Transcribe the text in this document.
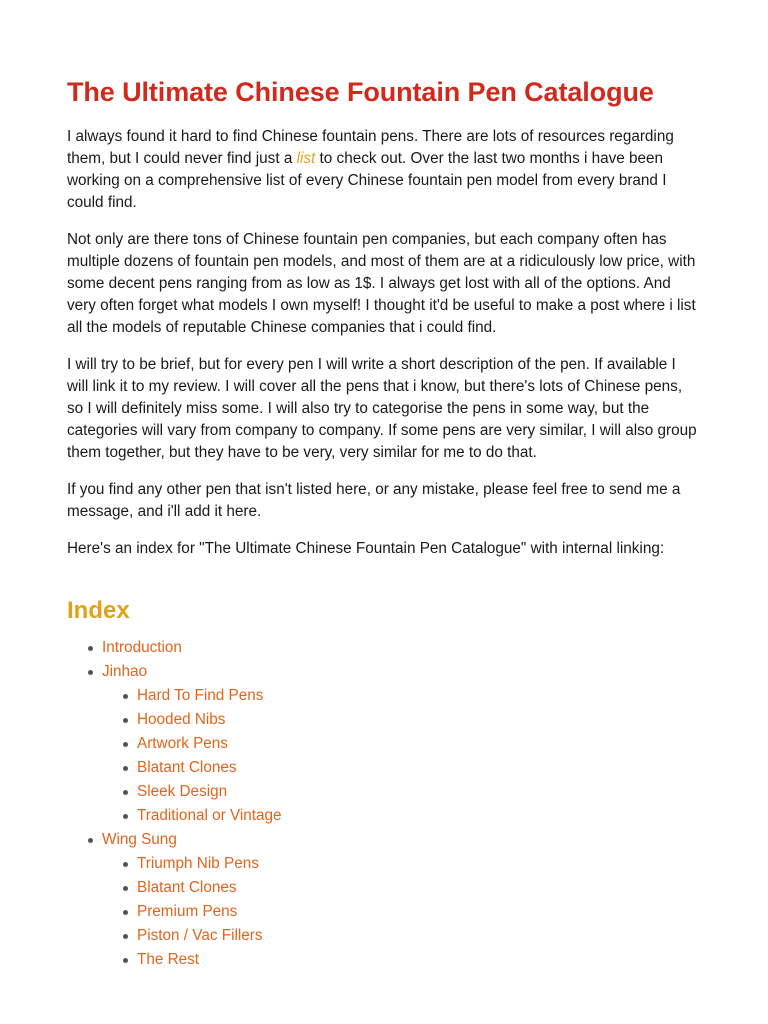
The Ultimate Chinese Fountain Pen Catalogue

I always found it hard to find Chinese fountain pens. There are lots of resources regarding them, but I could never find just a list to check out. Over the last two months i have been working on a comprehensive list of every Chinese fountain pen model from every brand I could find.

Not only are there tons of Chinese fountain pen companies, but each company often has multiple dozens of fountain pen models, and most of them are at a ridiculously low price, with some decent pens ranging from as low as 1$. I always get lost with all of the options. And very often forget what models I own myself! I thought it'd be useful to make a post where i list all the models of reputable Chinese companies that i could find.

I will try to be brief, but for every pen I will write a short description of the pen. If available I will link it to my review. I will cover all the pens that i know, but there's lots of Chinese pens, so I will definitely miss some. I will also try to categorise the pens in some way, but the categories will vary from company to company. If some pens are very similar, I will also group them together, but they have to be very, very similar for me to do that.

If you find any other pen that isn't listed here, or any mistake, please feel free to send me a message, and i'll add it here.

Here's an index for "The Ultimate Chinese Fountain Pen Catalogue" with internal linking:

Index
Introduction
Jinhao
Hard To Find Pens
Hooded Nibs
Artwork Pens
Blatant Clones
Sleek Design
Traditional or Vintage
Wing Sung
Triumph Nib Pens
Blatant Clones
Premium Pens
Piston / Vac Fillers
The Rest
